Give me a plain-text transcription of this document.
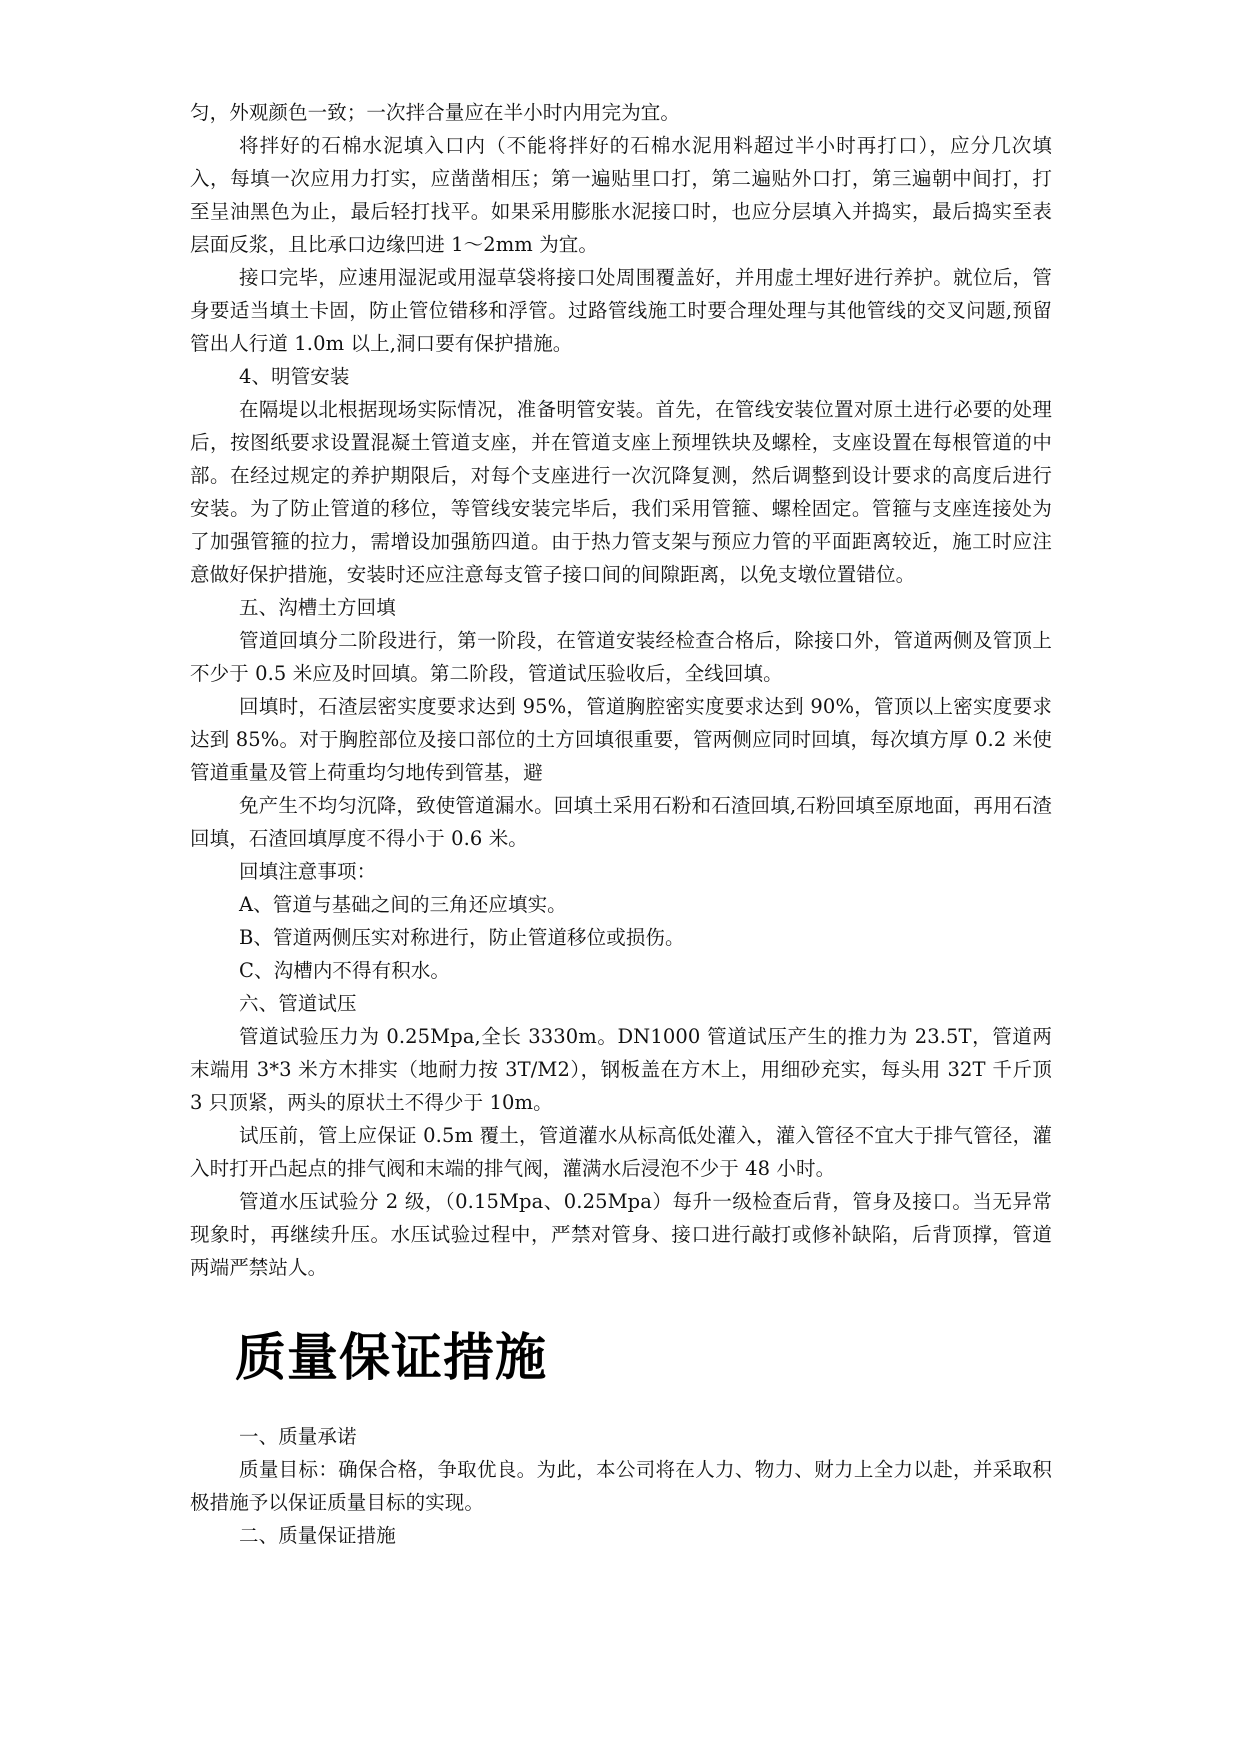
匀，外观颜色一致；一次拌合量应在半小时内用完为宜。

将拌好的石棉水泥填入口内（不能将拌好的石棉水泥用料超过半小时再打口），应分几次填入，每填一次应用力打实，应凿凿相压；第一遍贴里口打，第二遍贴外口打，第三遍朝中间打，打至呈油黑色为止，最后轻打找平。如果采用膨胀水泥接口时，也应分层填入并捣实，最后捣实至表层面反浆，且比承口边缘凹进 1～2mm 为宜。

接口完毕，应速用湿泥或用湿草袋将接口处周围覆盖好，并用虚土埋好进行养护。就位后，管身要适当填土卡固，防止管位错移和浮管。过路管线施工时要合理处理与其他管线的交叉问题,预留管出人行道 1.0m 以上,洞口要有保护措施。

4、明管安装

在隔堤以北根据现场实际情况，准备明管安装。首先，在管线安装位置对原土进行必要的处理后，按图纸要求设置混凝土管道支座，并在管道支座上预埋铁块及螺栓，支座设置在每根管道的中部。在经过规定的养护期限后，对每个支座进行一次沉降复测，然后调整到设计要求的高度后进行安装。为了防止管道的移位，等管线安装完毕后，我们采用管箍、螺栓固定。管箍与支座连接处为了加强管箍的拉力，需增设加强筋四道。由于热力管支架与预应力管的平面距离较近，施工时应注意做好保护措施，安装时还应注意每支管子接口间的间隙距离，以免支墩位置错位。

五、沟槽土方回填

管道回填分二阶段进行，第一阶段，在管道安装经检查合格后，除接口外，管道两侧及管顶上不少于 0.5 米应及时回填。第二阶段，管道试压验收后，全线回填。

回填时，石渣层密实度要求达到 95%，管道胸腔密实度要求达到 90%，管顶以上密实度要求达到 85%。对于胸腔部位及接口部位的土方回填很重要，管两侧应同时回填，每次填方厚 0.2 米使管道重量及管上荷重均匀地传到管基，避

免产生不均匀沉降，致使管道漏水。回填土采用石粉和石渣回填,石粉回填至原地面，再用石渣回填，石渣回填厚度不得小于 0.6 米。

回填注意事项：

A、管道与基础之间的三角还应填实。

B、管道两侧压实对称进行，防止管道移位或损伤。

C、沟槽内不得有积水。

六、管道试压

管道试验压力为 0.25Mpa,全长 3330m。DN1000 管道试压产生的推力为 23.5T，管道两末端用 3*3 米方木排实（地耐力按 3T/M2），钢板盖在方木上，用细砂充实，每头用 32T 千斤顶 3 只顶紧，两头的原状土不得少于 10m。

试压前，管上应保证 0.5m 覆土，管道灌水从标高低处灌入，灌入管径不宜大于排气管径，灌入时打开凸起点的排气阀和末端的排气阀，灌满水后浸泡不少于 48 小时。

管道水压试验分 2 级，（0.15Mpa、0.25Mpa）每升一级检查后背，管身及接口。当无异常现象时，再继续升压。水压试验过程中，严禁对管身、接口进行敲打或修补缺陷，后背顶撑，管道两端严禁站人。

质量保证措施

一、质量承诺

质量目标：确保合格，争取优良。为此，本公司将在人力、物力、财力上全力以赴，并采取积极措施予以保证质量目标的实现。

二、质量保证措施
